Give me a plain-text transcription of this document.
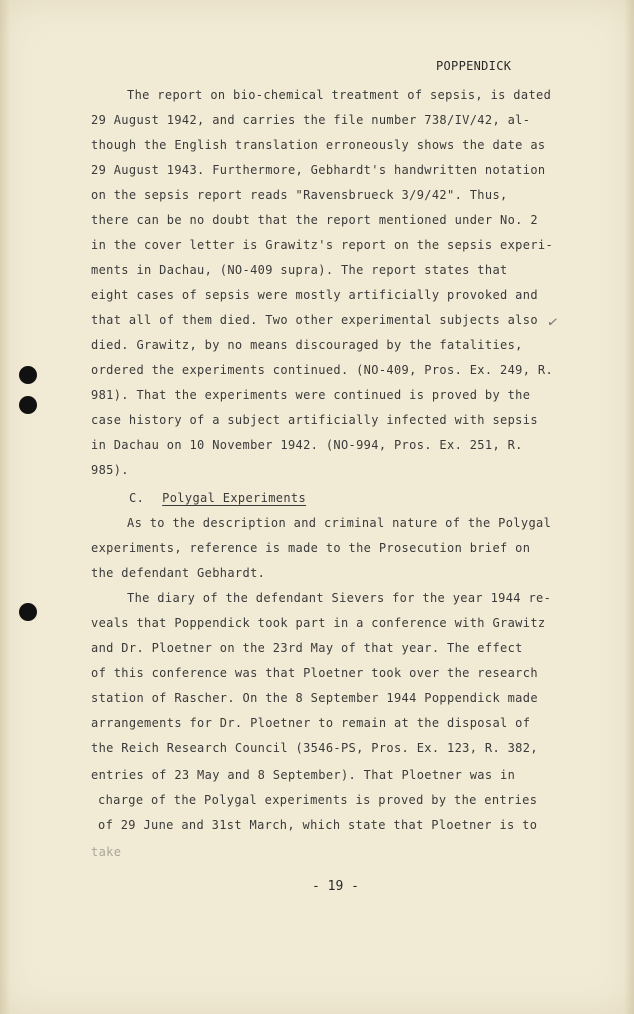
POPPENDICK
The report on bio-chemical treatment of sepsis, is dated
29 August 1942, and carries the file number 738/IV/42, al-
though the English translation erroneously shows the date as
29 August 1943. Furthermore, Gebhardt's handwritten notation
on the sepsis report reads "Ravensbrueck 3/9/42". Thus,
there can be no doubt that the report mentioned under No. 2
in the cover letter is Grawitz's report on the sepsis experi-
ments in Dachau, (NO-409 supra). The report states that
eight cases of sepsis were mostly artificially provoked and
that all of them died. Two other experimental subjects also
died. Grawitz, by no means discouraged by the fatalities,
ordered the experiments continued. (NO-409, Pros. Ex. 249, R.
981). That the experiments were continued is proved by the
case history of a subject artificially infected with sepsis
in Dachau on 10 November 1942. (NO-994, Pros. Ex. 251, R.
985).
✓
C. Polygal Experiments
As to the description and criminal nature of the Polygal
experiments, reference is made to the Prosecution brief on
the defendant Gebhardt.
The diary of the defendant Sievers for the year 1944 re-
veals that Poppendick took part in a conference with Grawitz
and Dr. Ploetner on the 23rd May of that year. The effect
of this conference was that Ploetner took over the research
station of Rascher. On the 8 September 1944 Poppendick made
arrangements for Dr. Ploetner to remain at the disposal of
the Reich Research Council (3546-PS, Pros. Ex. 123, R. 382,
entries of 23 May and 8 September). That Ploetner was in
charge of the Polygal experiments is proved by the entries
of 29 June and 31st March, which state that Ploetner is to
take
- 19 -
